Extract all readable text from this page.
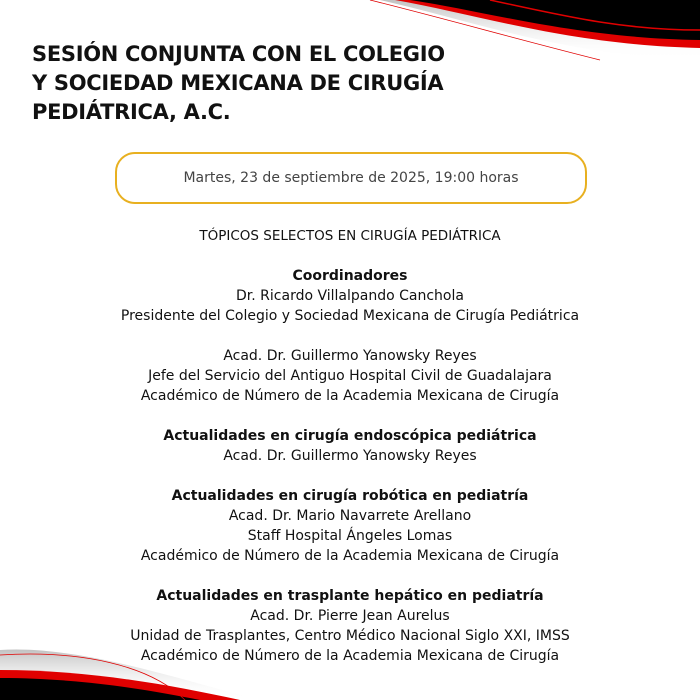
SESIÓN CONJUNTA CON EL COLEGIO
Y SOCIEDAD MEXICANA DE CIRUGÍA
PEDIÁTRICA, A.C.
Martes, 23 de septiembre de 2025, 19:00 horas
TÓPICOS SELECTOS EN CIRUGÍA PEDIÁTRICA
Coordinadores
Dr. Ricardo Villalpando Canchola
Presidente del Colegio y Sociedad Mexicana de Cirugía Pediátrica
Acad. Dr. Guillermo Yanowsky Reyes
Jefe del Servicio del Antiguo Hospital Civil de Guadalajara
Académico de Número de la Academia Mexicana de Cirugía
Actualidades en cirugía endoscópica pediátrica
Acad. Dr. Guillermo Yanowsky Reyes
Actualidades en cirugía robótica en pediatría
Acad. Dr. Mario Navarrete Arellano
Staff Hospital Ángeles Lomas
Académico de Número de la Academia Mexicana de Cirugía
Actualidades en trasplante hepático en pediatría
Acad. Dr. Pierre Jean Aurelus
Unidad de Trasplantes, Centro Médico Nacional Siglo XXI, IMSS
Académico de Número de la Academia Mexicana de Cirugía
